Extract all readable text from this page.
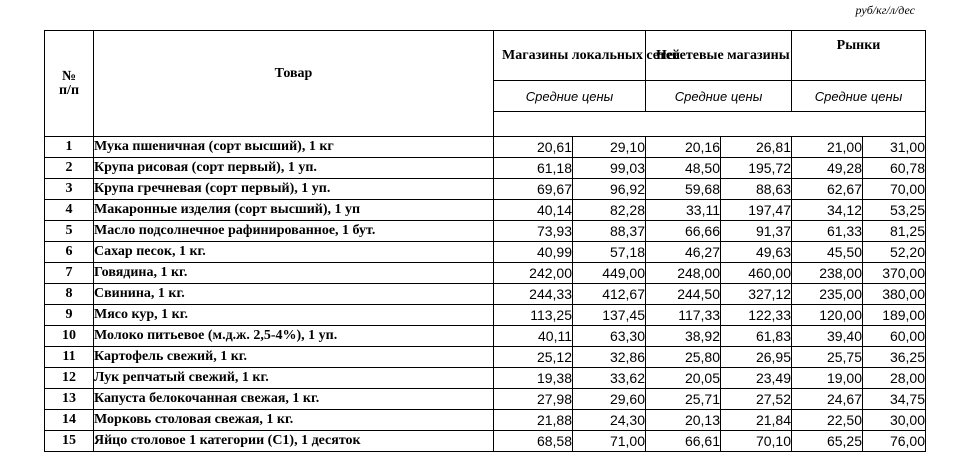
руб/кг/л/дес
№ п/п	Товар	Магазины локальных сетей		Несетевые магазины		Рынки	
		Средние цены		Средние цены		Средние цены	

1	Мука пшеничная (сорт высший), 1 кг	20,61	29,10	20,16	26,81	21,00	31,00
2	Крупа рисовая (сорт первый), 1 уп.	61,18	99,03	48,50	195,72	49,28	60,78
3	Крупа гречневая (сорт первый), 1 уп.	69,67	96,92	59,68	88,63	62,67	70,00
4	Макаронные изделия (сорт высший), 1 уп	40,14	82,28	33,11	197,47	34,12	53,25
5	Масло подсолнечное рафинированное, 1 бут.	73,93	88,37	66,66	91,37	61,33	81,25
6	Сахар песок, 1 кг.	40,99	57,18	46,27	49,63	45,50	52,20
7	Говядина, 1 кг.	242,00	449,00	248,00	460,00	238,00	370,00
8	Свинина, 1 кг.	244,33	412,67	244,50	327,12	235,00	380,00
9	Мясо кур, 1 кг.	113,25	137,45	117,33	122,33	120,00	189,00
10	Молоко питьевое (м.д.ж. 2,5-4%), 1 уп.	40,11	63,30	38,92	61,83	39,40	60,00
11	Картофель свежий, 1 кг.	25,12	32,86	25,80	26,95	25,75	36,25
12	Лук репчатый свежий, 1 кг.	19,38	33,62	20,05	23,49	19,00	28,00
13	Капуста белокочанная свежая, 1 кг.	27,98	29,60	25,71	27,52	24,67	34,75
14	Морковь столовая свежая, 1 кг.	21,88	24,30	20,13	21,84	22,50	30,00
15	Яйцо столовое 1 категории (С1), 1 десяток	68,58	71,00	66,61	70,10	65,25	76,00
